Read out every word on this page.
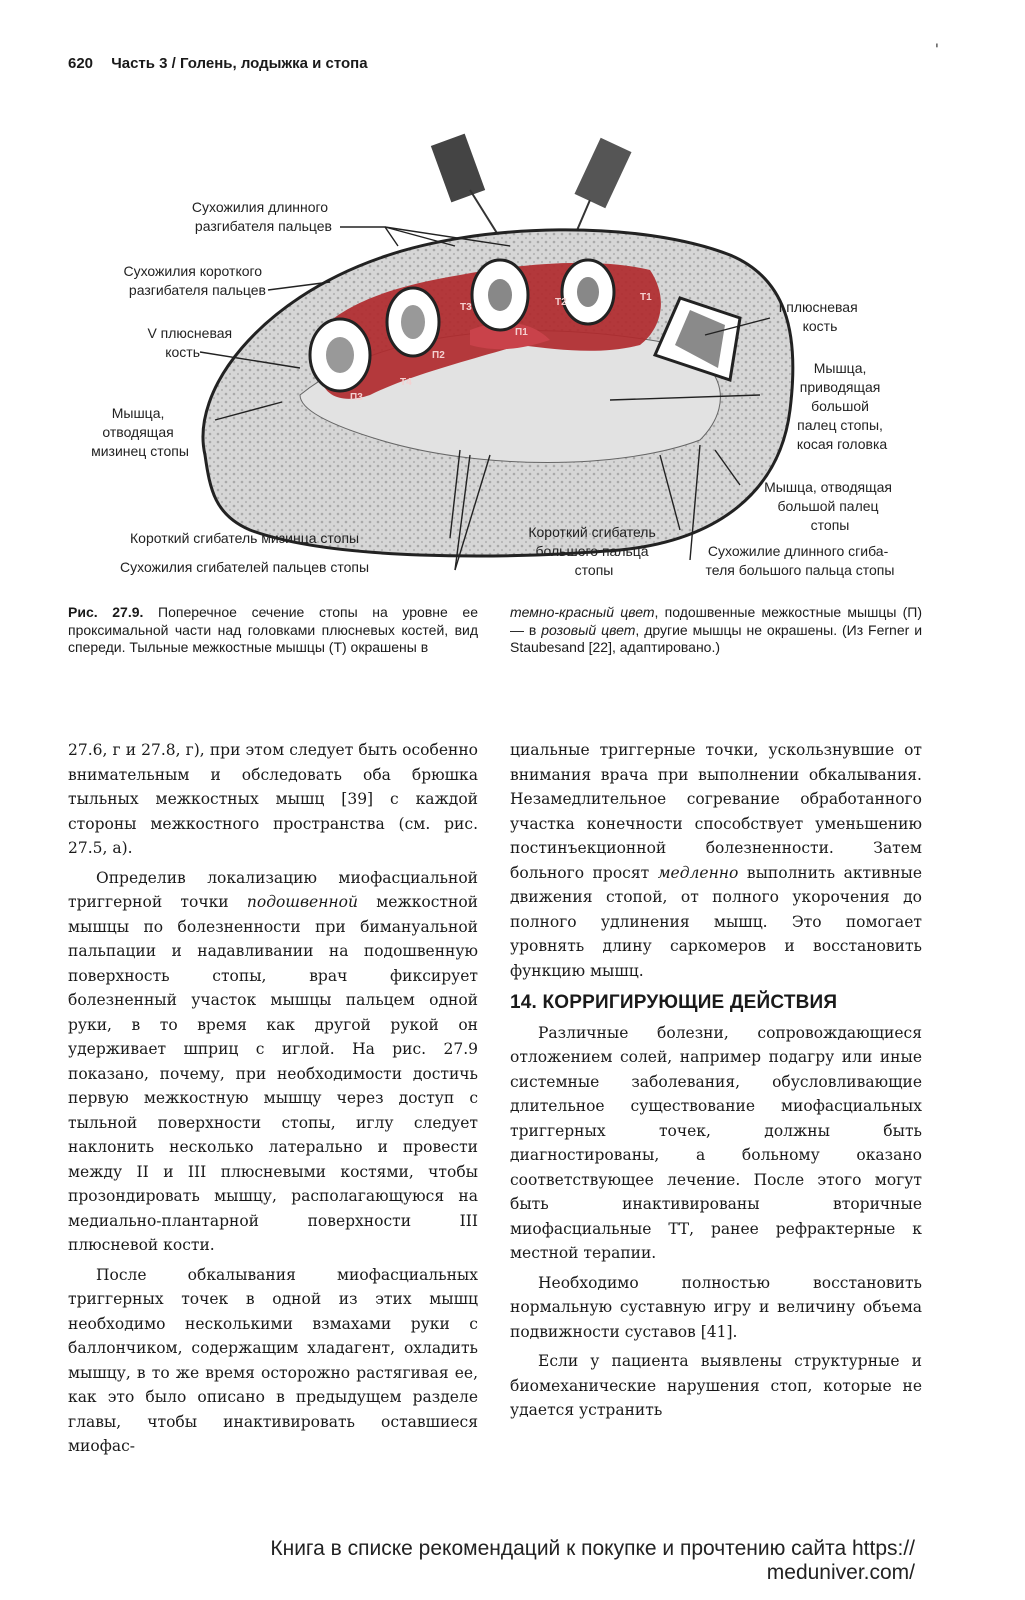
620 Часть 3 / Голень, лодыжка и стопа
'
T4
T3	T2	T1
П3
П2
П1
Сухожилия длинного разгибателя пальцев
Сухожилия короткого разгибателя пальцев
V плюсневая кость
Мышца, отводящая мизинец стопы
Короткий сгибатель мизинца стопы
Сухожилия сгибателей пальцев стопы
Короткий сгибатель большого пальца стопы
Сухожилие длинного сгиба- теля большого пальца стопы
Мышца, отводящая большой палец стопы
Мышца, приводящая большой палец стопы, косая головка
I плюсневая кость
Рис. 27.9. Поперечное сечение стопы на уровне ее проксимальной части над головками плюсневых костей, вид спереди. Тыльные межкостные мышцы (Т) окрашены в
темно-красный цвет, подошвенные межкостные мышцы (П) — в розовый цвет, другие мышцы не окрашены. (Из Ferner и Staubesand [22], адаптировано.)

27.6, г и 27.8, г), при этом следует быть особенно внимательным и обследовать оба брюшка тыльных межкостных мышц [39] с каждой стороны межкостного пространства (см. рис. 27.5, а).

Определив локализацию миофасциальной триггерной точки подошвенной межкостной мышцы по болезненности при бимануальной пальпации и надавливании на подошвенную поверхность стопы, врач фиксирует болезненный участок мышцы пальцем одной руки, в то время как другой рукой он удерживает шприц с иглой. На рис. 27.9 показано, почему, при необходимости достичь первую межкостную мышцу через доступ с тыльной поверхности стопы, иглу следует наклонить несколько латерально и провести между II и III плюсневыми костями, чтобы прозондировать мышцу, располагающуюся на медиально-плантарной поверхности III плюсневой кости.

После обкалывания миофасциальных триггерных точек в одной из этих мышц необходимо несколькими взмахами руки с баллончиком, содержащим хладагент, охладить мышцу, в то же время осторожно растягивая ее, как это было описано в предыдущем разделе главы, чтобы инактивировать оставшиеся миофас-

циальные триггерные точки, ускользнувшие от внимания врача при выполнении обкалывания. Незамедлительное согревание обработанного участка конечности способствует уменьшению постинъекционной болезненности. Затем больного просят медленно выполнить активные движения стопой, от полного укорочения до полного удлинения мышц. Это помогает уровнять длину саркомеров и восстановить функцию мышц.

14. КОРРИГИРУЮЩИЕ ДЕЙСТВИЯ

Различные болезни, сопровождающиеся отложением солей, например подагру или иные системные заболевания, обусловливающие длительное существование миофасциальных триггерных точек, должны быть диагностированы, а больному оказано соответствующее лечение. После этого могут быть инактивированы вторичные миофасциальные ТТ, ранее рефрактерные к местной терапии.

Необходимо полностью восстановить нормальную суставную игру и величину объема подвижности суставов [41].

Если у пациента выявлены структурные и биомеханические нарушения стоп, которые не удается устранить

Книга в списке рекомендаций к покупке и прочтению сайта https://
meduniver.com/
